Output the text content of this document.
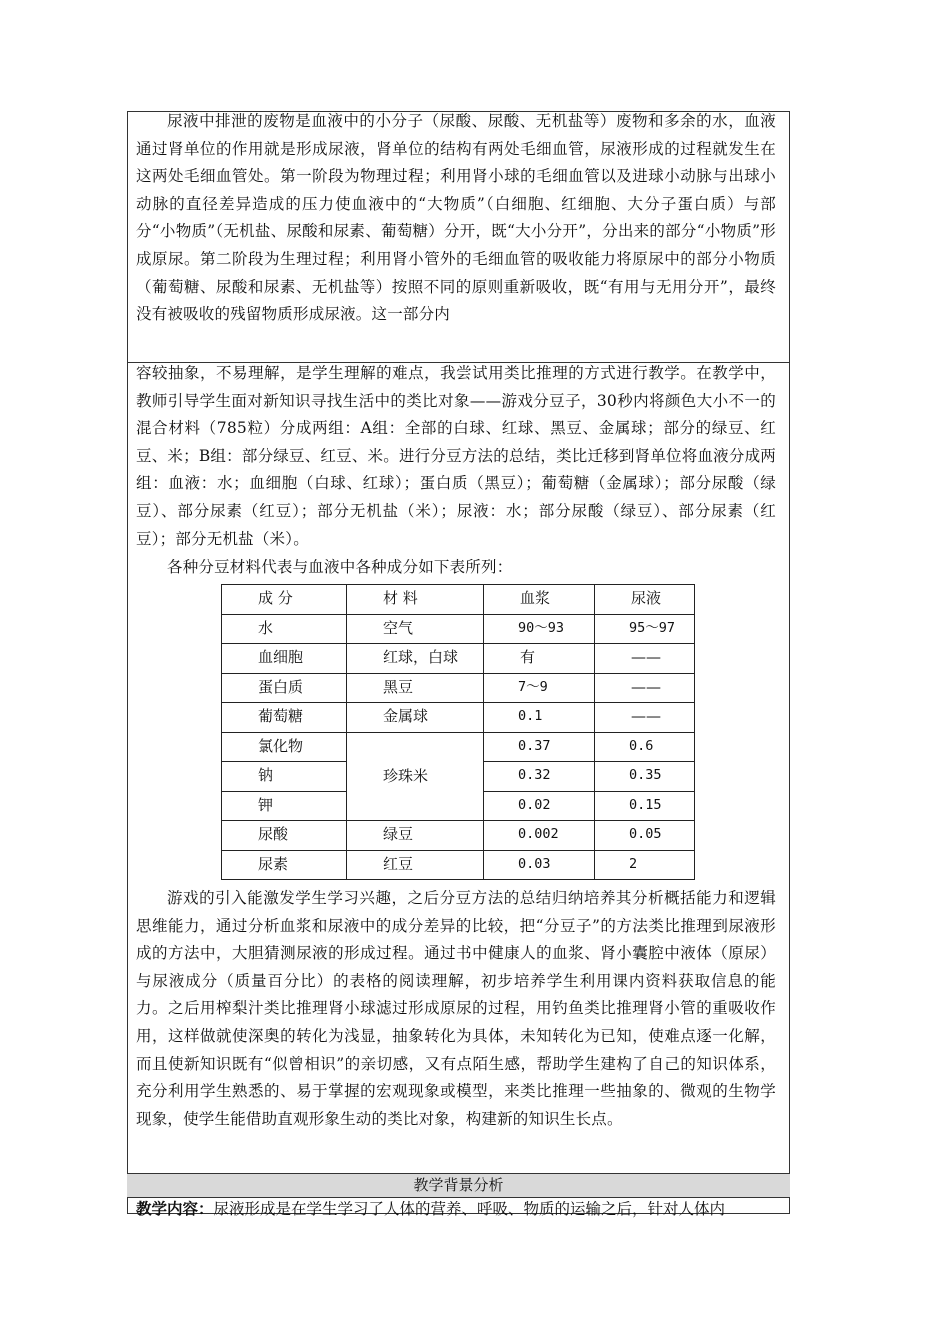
尿液中排泄的废物是血液中的小分子（尿酸、尿酸、无机盐等）废物和多余的水，血液通过肾单位的作用就是形成尿液，肾单位的结构有两处毛细血管，尿液形成的过程就发生在这两处毛细血管处。第一阶段为物理过程；利用肾小球的毛细血管以及进球小动脉与出球小动脉的直径差异造成的压力使血液中的“大物质”（白细胞、红细胞、大分子蛋白质）与部分“小物质”（无机盐、尿酸和尿素、葡萄糖）分开，既“大小分开”，分出来的部分“小物质”形成原尿。第二阶段为生理过程；利用肾小管外的毛细血管的吸收能力将原尿中的部分小物质（葡萄糖、尿酸和尿素、无机盐等）按照不同的原则重新吸收，既“有用与无用分开”，最终没有被吸收的残留物质形成尿液。这一部分内

容较抽象，不易理解，是学生理解的难点，我尝试用类比推理的方式进行教学。在教学中，教师引导学生面对新知识寻找生活中的类比对象——游戏分豆子，30秒内将颜色大小不一的混合材料（785粒）分成两组：A组：全部的白球、红球、黑豆、金属球；部分的绿豆、红豆、米；B组：部分绿豆、红豆、米。进行分豆方法的总结，类比迁移到肾单位将血液分成两组：血液：水；血细胞（白球、红球）；蛋白质（黑豆）；葡萄糖（金属球）；部分尿酸（绿豆）、部分尿素（红豆）；部分无机盐（米）；尿液：水；部分尿酸（绿豆）、部分尿素（红豆）；部分无机盐（米）。

各种分豆材料代表与血液中各种成分如下表所列：

成 分	材 料	血浆	尿液
水	空气	90～93	95～97
血细胞	红球，白球	有	——
蛋白质	黑豆	7～9	——
葡萄糖	金属球	0.1	——
氯化物	珍珠米	0.37	0.6
钠		0.32	0.35
钾		0.02	0.15
尿酸	绿豆	0.002	0.05
尿素	红豆	0.03	2

游戏的引入能激发学生学习兴趣，之后分豆方法的总结归纳培养其分析概括能力和逻辑思维能力，通过分析血浆和尿液中的成分差异的比较，把“分豆子”的方法类比推理到尿液形成的方法中，大胆猜测尿液的形成过程。通过书中健康人的血浆、肾小囊腔中液体（原尿）与尿液成分（质量百分比）的表格的阅读理解，初步培养学生利用课内资料获取信息的能力。之后用榨梨汁类比推理肾小球滤过形成原尿的过程，用钓鱼类比推理肾小管的重吸收作用，这样做就使深奥的转化为浅显，抽象转化为具体，未知转化为已知，使难点逐一化解，而且使新知识既有“似曾相识”的亲切感，又有点陌生感，帮助学生建构了自己的知识体系，充分利用学生熟悉的、易于掌握的宏观现象或模型，来类比推理一些抽象的、微观的生物学现象，使学生能借助直观形象生动的类比对象，构建新的知识生长点。

教学背景分析
教学内容：尿液形成是在学生学习了人体的营养、呼吸、物质的运输之后，针对人体内
